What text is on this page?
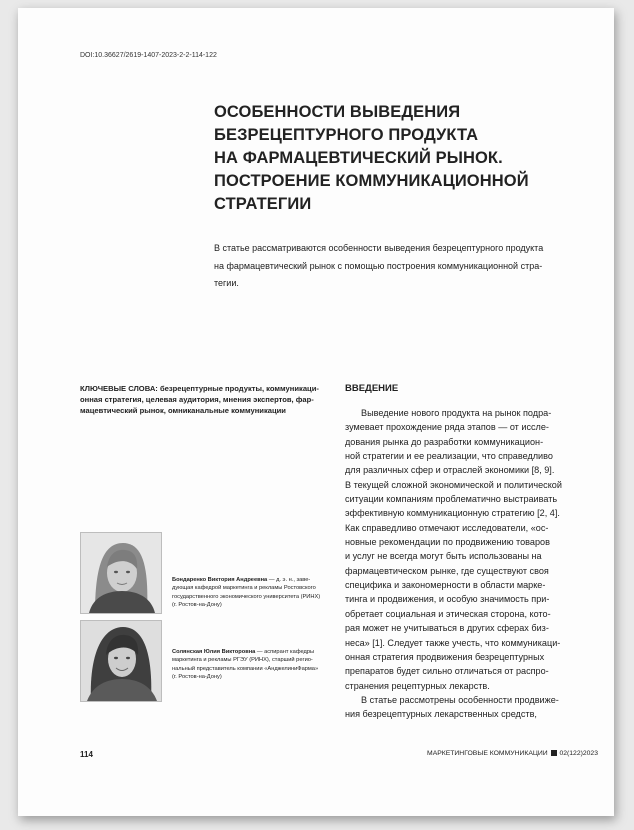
DOI:10.36627/2619-1407-2023-2-2-114-122
ОСОБЕННОСТИ ВЫВЕДЕНИЯ
БЕЗРЕЦЕПТУРНОГО ПРОДУКТА
НА ФАРМАЦЕВТИЧЕСКИЙ РЫНОК.
ПОСТРОЕНИЕ КОММУНИКАЦИОННОЙ
СТРАТЕГИИ

В статье рассматриваются особенности выведения безрецептурного продукта
на фармацевтический рынок с помощью построения коммуникационной стра-
тегии.

КЛЮЧЕВЫЕ СЛОВА: безрецептурные продукты, коммуникаци-
онная стратегия, целевая аудитория, мнения экспертов, фар-
мацевтический рынок, омниканальные коммуникации

Бондаренко Виктория Андреевна — д. э. н., заве-
дующая кафедрой маркетинга и рекламы Ростовского
государственного экономического университета (РИНХ)
(г. Ростов-на-Дону)

Солянская Юлия Викторовна — аспирант кафедры
маркетинга и рекламы РГЭУ (РИНХ), старший регио-
нальный представитель компании «АнджелиниФарма»
(г. Ростов-на-Дону)

ВВЕДЕНИЕ

Выведение нового продукта на рынок подра-
зумевает прохождение ряда этапов — от иссле-
дования рынка до разработки коммуникацион-
ной стратегии и ее реализации, что справедливо
для различных сфер и отраслей экономики [8, 9].
В текущей сложной экономической и политической
ситуации компаниям проблематично выстраивать
эффективную коммуникационную стратегию [2, 4].
Как справедливо отмечают исследователи, «ос-
новные рекомендации по продвижению товаров
и услуг не всегда могут быть использованы на
фармацевтическом рынке, где существуют своя
специфика и закономерности в области марке-
тинга и продвижения, и особую значимость при-
обретает социальная и этическая сторона, кото-
рая может не учитываться в других сферах биз-
неса» [1]. Следует также учесть, что коммуникаци-
онная стратегия продвижения безрецептурных
препаратов будет сильно отличаться от распро-
странения рецептурных лекарств.
В статье рассмотрены особенности продвиже-
ния безрецептурных лекарственных средств,

114	МАРКЕТИНГОВЫЕ КОММУНИКАЦИИ 02(122)2023
